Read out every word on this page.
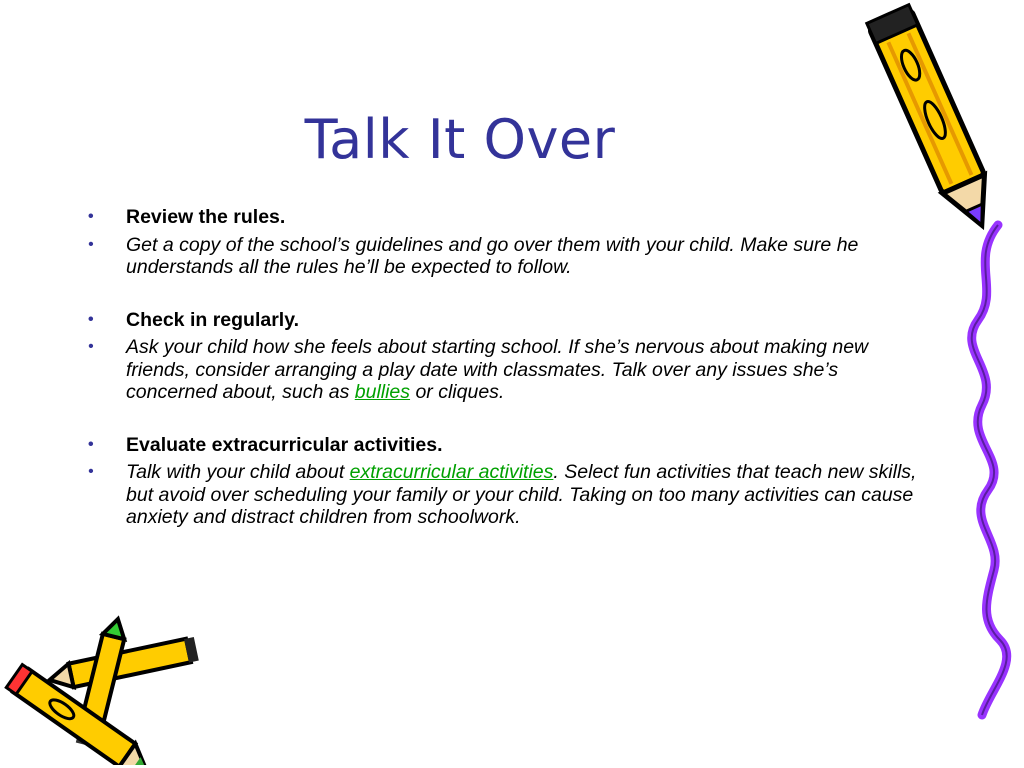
Talk It Over
• Review the rules.
• Get a copy of the school’s guidelines and go over them with your child. Make sure he understands all the rules he’ll be expected to follow.
• Check in regularly.
• Ask your child how she feels about starting school. If she’s nervous about making new friends, consider arranging a play date with classmates. Talk over any issues she’s concerned about, such as bullies or cliques.
• Evaluate extracurricular activities.
• Talk with your child about extracurricular activities. Select fun activities that teach new skills, but avoid over scheduling your family or your child. Taking on too many activities can cause anxiety and distract children from schoolwork.
